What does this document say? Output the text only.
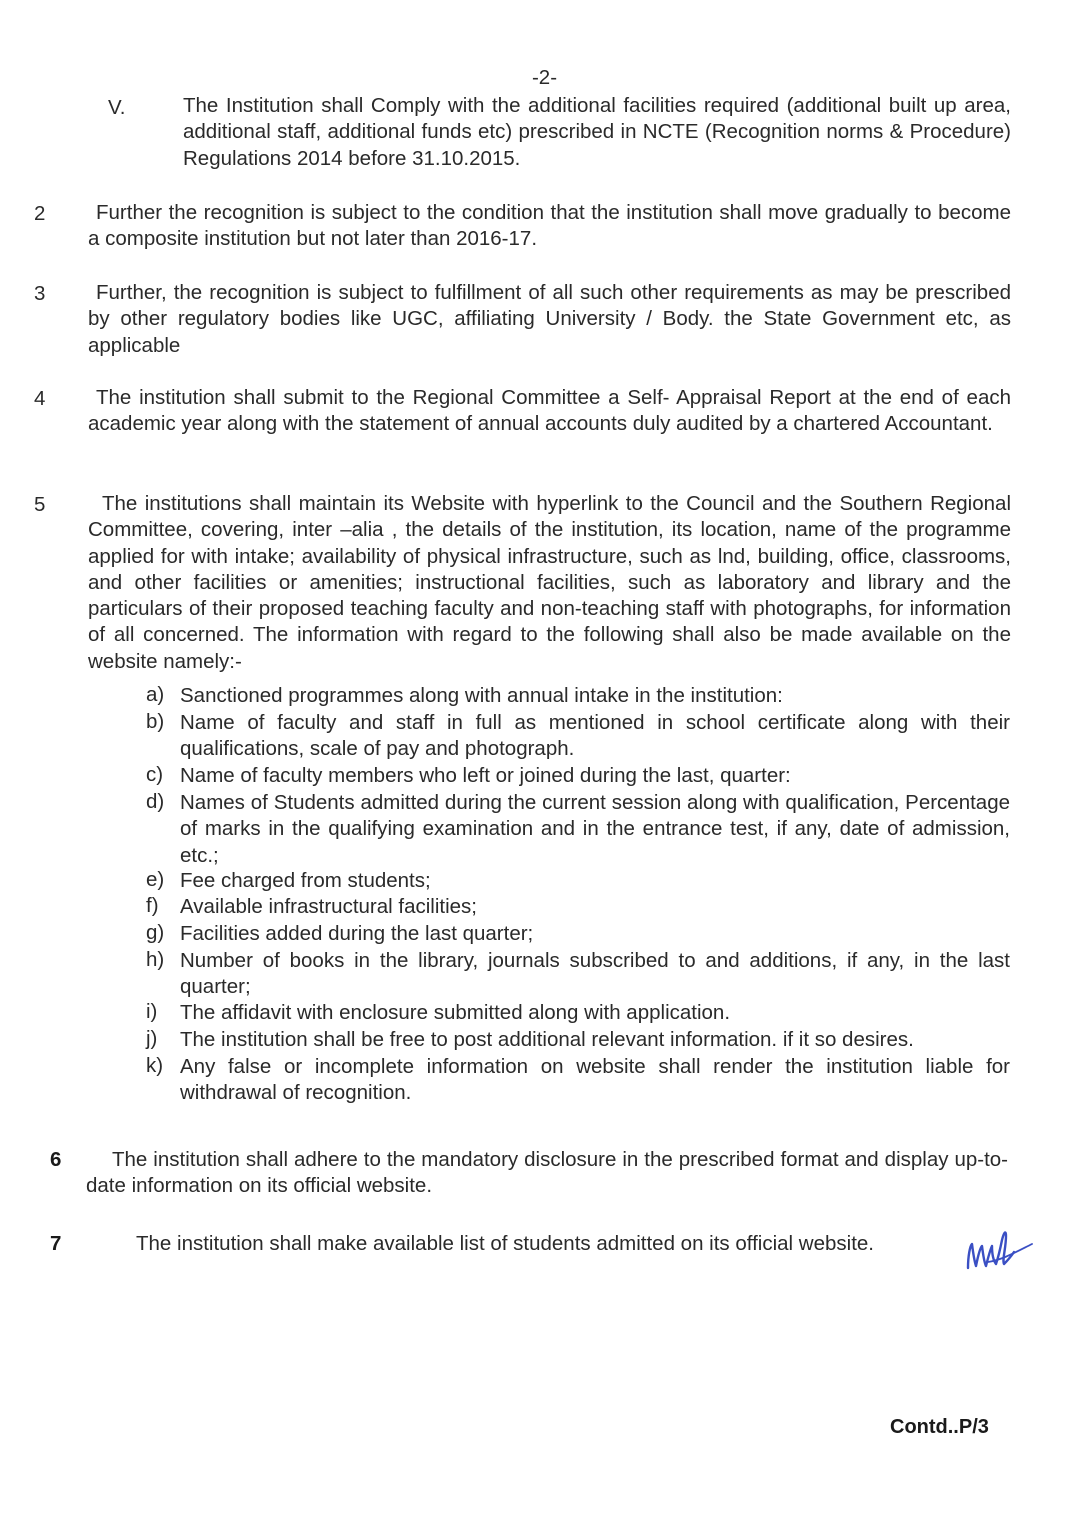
-2-
V.	The Institution shall Comply with the additional facilities required (additional built up area, additional staff, additional funds etc) prescribed in NCTE (Recognition norms & Procedure) Regulations 2014 before 31.10.2015.
2	Further the recognition is subject to the condition that the institution shall move gradually to become a composite institution but not later than 2016-17.
3	Further, the recognition is subject to fulfillment of all such other requirements as may be prescribed by other regulatory bodies like UGC, affiliating University / Body. the State Government etc, as applicable
4	The institution shall submit to the Regional Committee a Self- Appraisal Report at the end of each academic year along with the statement of annual accounts duly audited by a chartered Accountant.
5	The institutions shall maintain its Website with hyperlink to the Council and the Southern Regional Committee, covering, inter –alia , the details of the institution, its location, name of the programme applied for with intake; availability of physical infrastructure, such as lnd, building, office, classrooms, and other facilities or amenities; instructional facilities, such as laboratory and library and the particulars of their proposed teaching faculty and non-teaching staff with photographs, for information of all concerned. The information with regard to the following shall also be made available on the website namely:-
a) Sanctioned programmes along with annual intake in the institution:
b) Name of faculty and staff in full as mentioned in school certificate along with their qualifications, scale of pay and photograph.
c) Name of faculty members who left or joined during the last, quarter:
d) Names of Students admitted during the current session along with qualification, Percentage of marks in the qualifying examination and in the entrance test, if any, date of admission, etc.;
e) Fee charged from students;
f) Available infrastructural facilities;
g) Facilities added during the last quarter;
h) Number of books in the library, journals subscribed to and additions, if any, in the last quarter;
i) The affidavit with enclosure submitted along with application.
j) The institution shall be free to post additional relevant information. if it so desires.
k) Any false or incomplete information on website shall render the institution liable for withdrawal of recognition.
6	The institution shall adhere to the mandatory disclosure in the prescribed format and display up-to-date information on its official website.
7	The institution shall make available list of students admitted on its official website.
Contd..P/3
